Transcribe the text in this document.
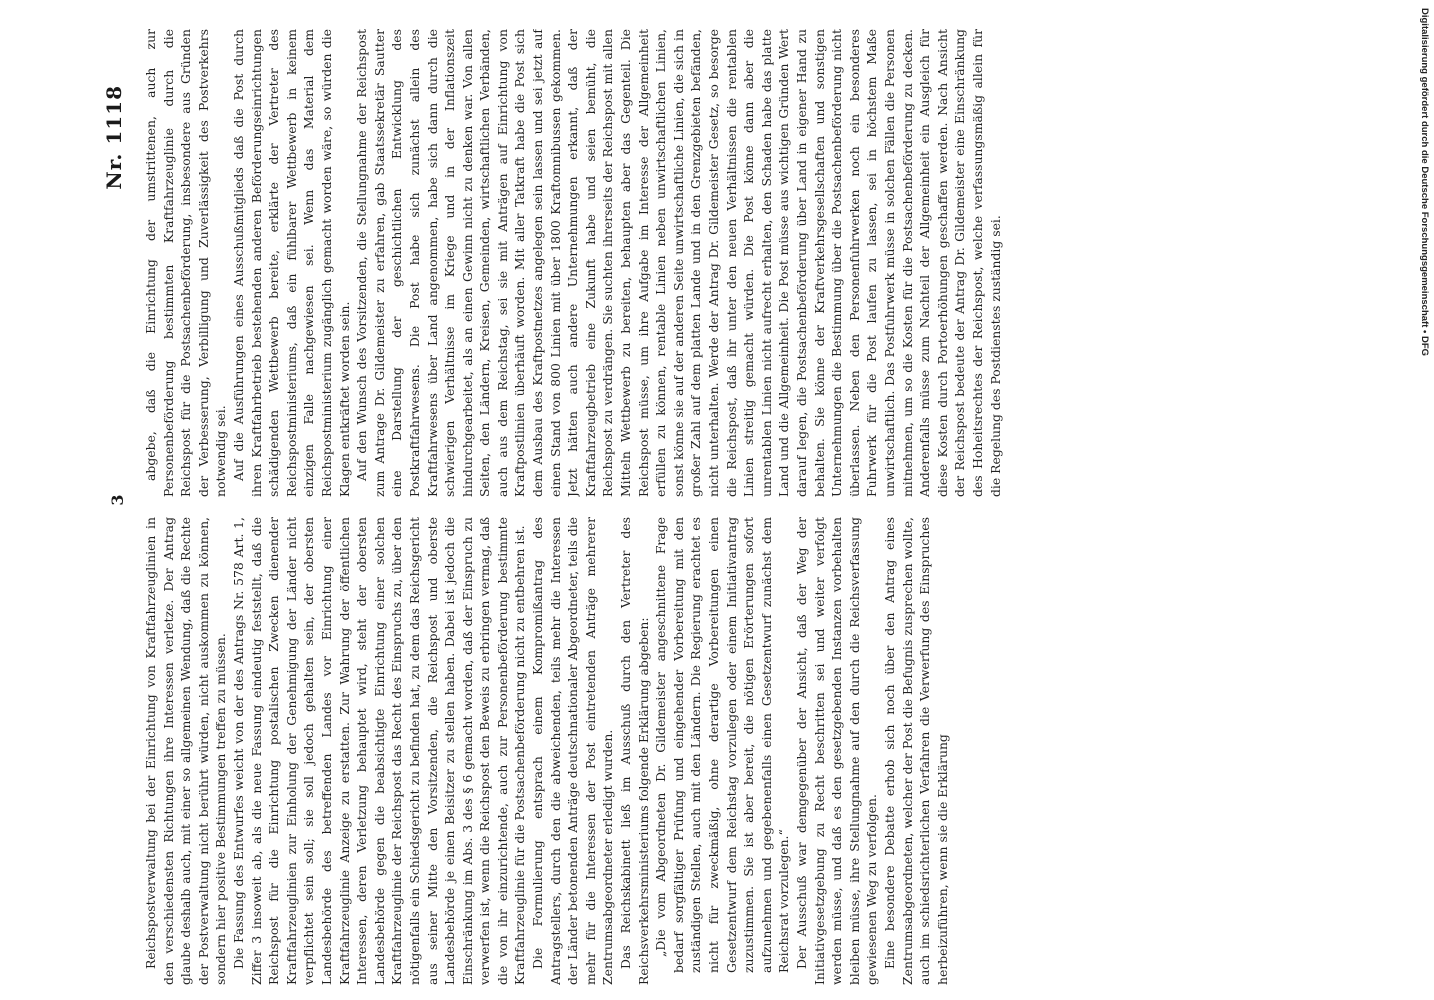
3
Nr. 1118

Reichspostverwaltung bei der Einrichtung von Kraftfahrzeuglinien in den verschiedensten Richtungen ihre Interessen verletze. Der Antrag glaube deshalb auch, mit einer so allgemeinen Wendung, daß die Rechte der Postverwaltung nicht berührt würden, nicht auskommen zu können, sondern hier positive Bestimmungen treffen zu müssen. Die Fassung des Entwurfes weicht von der des Antrags Nr. 578 Art. 1, Ziffer 3 insoweit ab, als die neue Fassung eindeutig feststellt, daß die Reichspost für die Einrichtung postalischen Zwecken dienender Kraftfahrzeuglinien zur Einholung der Genehmigung der Länder nicht verpflichtet sein soll; sie soll jedoch gehalten sein, der obersten Landesbehörde des betreffenden Landes vor Einrichtung einer Kraftfahrzeuglinie Anzeige zu erstatten. Zur Wahrung der öffentlichen Interessen, deren Verletzung behauptet wird, steht der obersten Landesbehörde gegen die beabsichtigte Einrichtung einer solchen Kraftfahrzeuglinie der Reichspost das Recht des Einspruchs zu, über den nötigenfalls ein Schiedsgericht zu befinden hat, zu dem das Reichsgericht aus seiner Mitte den Vorsitzenden, die Reichspost und oberste Landesbehörde je einen Beisitzer zu stellen haben. Dabei ist jedoch die Einschränkung im Abs. 3 des § 6 gemacht worden, daß der Einspruch zu verwerfen ist, wenn die Reichspost den Beweis zu erbringen vermag, daß die von ihr einzurichtende, auch zur Personenbeförderung bestimmte Kraftfahrzeuglinie für die Postsachenbeförderung nicht zu entbehren ist. Die Formulierung entsprach einem Kompromißantrag des Antragstellers, durch den die abweichenden, teils mehr die Interessen der Länder betonenden Anträge deutschnationaler Abgeordneter, teils die mehr für die Interessen der Post eintretenden Anträge mehrerer Zentrumsabgeordneter erledigt wurden. Das Reichskabinett ließ im Ausschuß durch den Vertreter des Reichsverkehrsministeriums folgende Erklärung abgeben: „Die vom Abgeordneten Dr. Gildemeister angeschnittene Frage bedarf sorgfältiger Prüfung und eingehender Vorbereitung mit den zuständigen Stellen, auch mit den Ländern. Die Regierung erachtet es nicht für zweckmäßig, ohne derartige Vorbereitungen einen Gesetzentwurf dem Reichstag vorzulegen oder einem Initiativantrag zuzustimmen. Sie ist aber bereit, die nötigen Erörterungen sofort aufzunehmen und gegebenenfalls einen Gesetzentwurf zunächst dem Reichsrat vorzulegen.“ Der Ausschuß war demgegenüber der Ansicht, daß der Weg der Initiativgesetzgebung zu Recht beschritten sei und weiter verfolgt werden müsse, und daß es den gesetzgebenden Instanzen vorbehalten bleiben müsse, ihre Stellungnahme auf den durch die Reichsverfassung gewiesenen Weg zu verfolgen. Eine besondere Debatte erhob sich noch über den Antrag eines Zentrumsabgeordneten, welcher der Post die Befugnis zusprechen wollte, auch im schiedsrichterlichen Verfahren die Verwerfung des Einspruches herbeizuführen, wenn sie die Erklärung

abgebe, daß die Einrichtung der umstrittenen, auch zur Personenbeförderung bestimmten Kraftfahrzeuglinie durch die Reichspost für die Postsachenbeförderung, insbesondere aus Gründen der Verbesserung, Verbilligung und Zuverlässigkeit des Postverkehrs notwendig sei. Auf die Ausführungen eines Ausschußmitglieds daß die Post durch ihren Kraftfahrbetrieb bestehenden anderen Beförderungseinrichtungen schädigenden Wettbewerb bereite, erklärte der Vertreter des Reichspostministeriums, daß ein fühlbarer Wettbewerb in keinem einzigen Falle nachgewiesen sei. Wenn das Material dem Reichspostministerium zugänglich gemacht worden wäre, so würden die Klagen entkräftet worden sein. Auf den Wunsch des Vorsitzenden, die Stellungnahme der Reichspost zum Antrage Dr. Gildemeister zu erfahren, gab Staatssekretär Sautter eine Darstellung der geschichtlichen Entwicklung des Postkraftfahrwesens. Die Post habe sich zunächst allein des Kraftfahrwesens über Land angenommen, habe sich dann durch die schwierigen Verhältnisse im Kriege und in der Inflationszeit hindurchgearbeitet, als an einen Gewinn nicht zu denken war. Von allen Seiten, den Ländern, Kreisen, Gemeinden, wirtschaftlichen Verbänden, auch aus dem Reichstag, sei sie mit Anträgen auf Einrichtung von Kraftpostlinien überhäuft worden. Mit aller Tatkraft habe die Post sich dem Ausbau des Kraftpostnetzes angelegen sein lassen und sei jetzt auf einen Stand von 800 Linien mit über 1800 Kraftomnibussen gekommen. Jetzt hätten auch andere Unternehmungen erkannt, daß der Kraftfahrzeugbetrieb eine Zukunft habe und seien bemüht, die Reichspost zu verdrängen. Sie suchten ihrerseits der Reichspost mit allen Mitteln Wettbewerb zu bereiten, behaupten aber das Gegenteil. Die Reichspost müsse, um ihre Aufgabe im Interesse der Allgemeinheit erfüllen zu können, rentable Linien neben unwirtschaftlichen Linien, sonst könne sie auf der anderen Seite unwirtschaftliche Linien, die sich in großer Zahl auf dem platten Lande und in den Grenzgebieten befänden, nicht unterhalten. Werde der Antrag Dr. Gildemeister Gesetz, so besorge die Reichspost, daß ihr unter den neuen Verhältnissen die rentablen Linien streitig gemacht würden. Die Post könne dann aber die unrentablen Linien nicht aufrecht erhalten, den Schaden habe das platte Land und die Allgemeinheit. Die Post müsse aus wichtigen Gründen Wert darauf legen, die Postsachenbeförderung über Land in eigener Hand zu behalten. Sie könne der Kraftverkehrsgesellschaften und sonstigen Unternehmungen die Bestimmung über die Postsachenbeförderung nicht überlassen. Neben den Personenfuhrwerken noch ein besonderes Fuhrwerk für die Post laufen zu lassen, sei in höchstem Maße unwirtschaftlich. Das Postfuhrwerk müsse in solchen Fällen die Personen mitnehmen, um so die Kosten für die Postsachenbeförderung zu decken. Anderenfalls müsse zum Nachteil der Allgemeinheit ein Ausgleich für diese Kosten durch Portoerhöhungen geschaffen werden. Nach Ansicht der Reichspost bedeute der Antrag Dr. Gildemeister eine Einschränkung des Hoheitsrechtes der Reichspost, welche verfassungsmäßig allein für die Regelung des Postdienstes zuständig sei.

Digitalisierung gefördert durch die Deutsche Forschungsgemeinschaft • DFG
